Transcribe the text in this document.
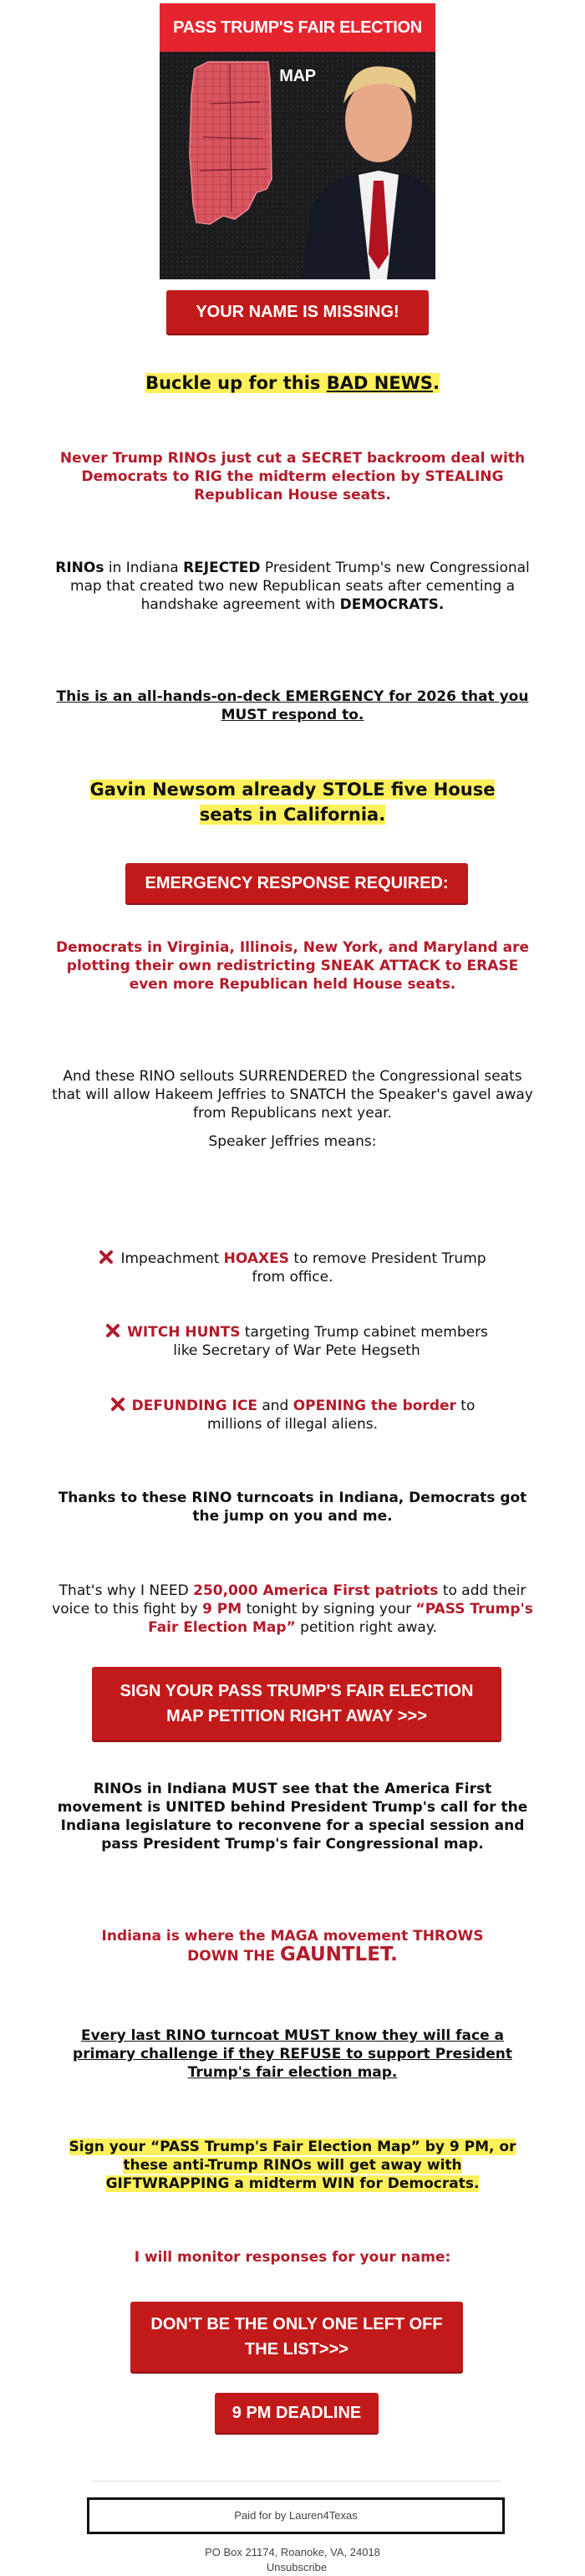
PASS TRUMP'S FAIR ELECTION MAP
YOUR NAME IS MISSING!
Buckle up for this BAD NEWS.
Never Trump RINOs just cut a SECRET backroom deal with Democrats to RIG the midterm election by STEALING Republican House seats.
RINOs in Indiana REJECTED President Trump's new Congressional map that created two new Republican seats after cementing a handshake agreement with DEMOCRATS.
This is an all-hands-on-deck EMERGENCY for 2026 that you MUST respond to.
Gavin Newsom already STOLE five House seats in California.
EMERGENCY RESPONSE REQUIRED:
Democrats in Virginia, Illinois, New York, and Maryland are plotting their own redistricting SNEAK ATTACK to ERASE even more Republican held House seats.
And these RINO sellouts SURRENDERED the Congressional seats that will allow Hakeem Jeffries to SNATCH the Speaker's gavel away from Republicans next year.
Speaker Jeffries means:
Impeachment HOAXES to remove President Trump from office.
WITCH HUNTS targeting Trump cabinet members like Secretary of War Pete Hegseth
DEFUNDING ICE and OPENING the border to millions of illegal aliens.
Thanks to these RINO turncoats in Indiana, Democrats got the jump on you and me.
That's why I NEED 250,000 America First patriots to add their voice to this fight by 9 PM tonight by signing your “PASS Trump's Fair Election Map” petition right away.
SIGN YOUR PASS TRUMP'S FAIR ELECTION MAP PETITION RIGHT AWAY >>>
RINOs in Indiana MUST see that the America First movement is UNITED behind President Trump's call for the Indiana legislature to reconvene for a special session and pass President Trump's fair Congressional map.
Indiana is where the MAGA movement THROWS DOWN THE GAUNTLET.
Every last RINO turncoat MUST know they will face a primary challenge if they REFUSE to support President Trump's fair election map.
Sign your “PASS Trump's Fair Election Map” by 9 PM, or these anti-Trump RINOs will get away with GIFTWRAPPING a midterm WIN for Democrats.
I will monitor responses for your name:
DON'T BE THE ONLY ONE LEFT OFF THE LIST>>>
9 PM DEADLINE
Paid for by Lauren4Texas
PO Box 21174, Roanoke, VA, 24018
Unsubscribe
